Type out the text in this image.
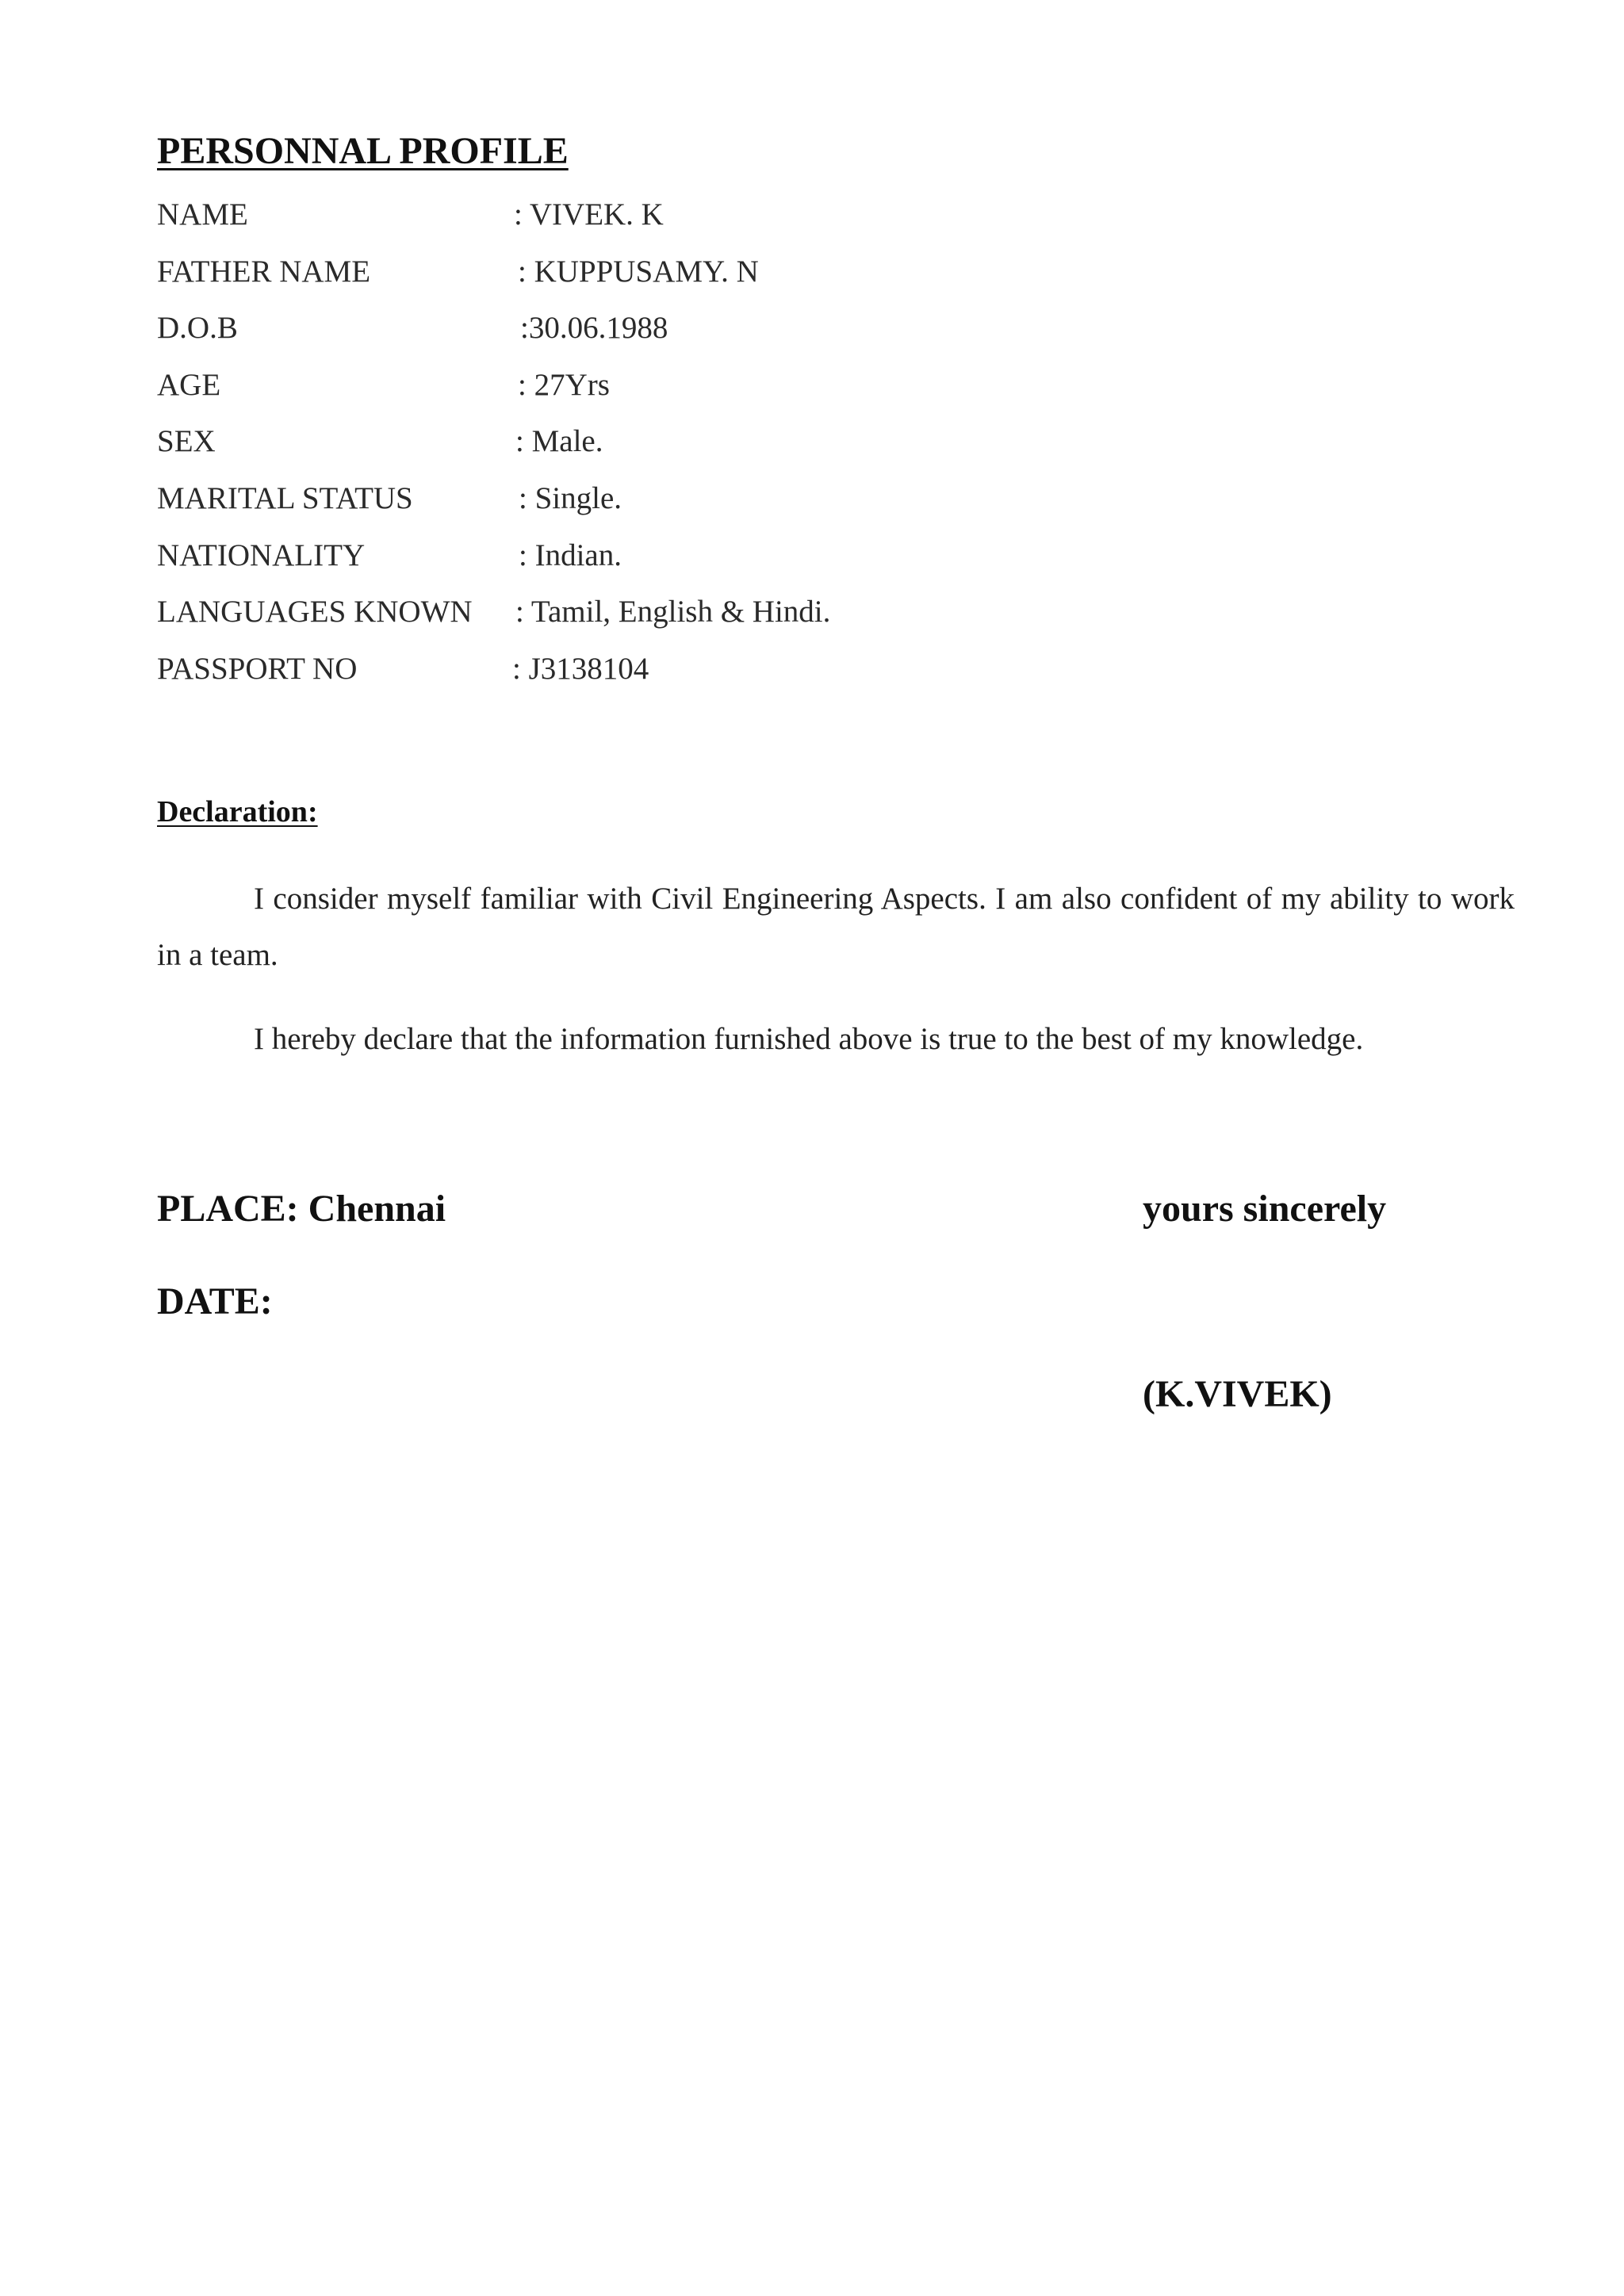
PERSONNAL PROFILE
NAME	: VIVEK. K
FATHER NAME	: KUPPUSAMY. N
D.O.B	:30.06.1988
AGE	: 27Yrs
SEX	: Male.
MARITAL STATUS	: Single.
NATIONALITY	: Indian.
LANGUAGES KNOWN : Tamil, English & Hindi.
PASSPORT NO	: J3138104
Declaration:
I consider myself familiar with Civil Engineering Aspects. I am also confident of my ability to work in a team.
I hereby declare that the information furnished above is true to the best of my knowledge.
PLACE: Chennai
DATE:
yours sincerely
(K.VIVEK)
